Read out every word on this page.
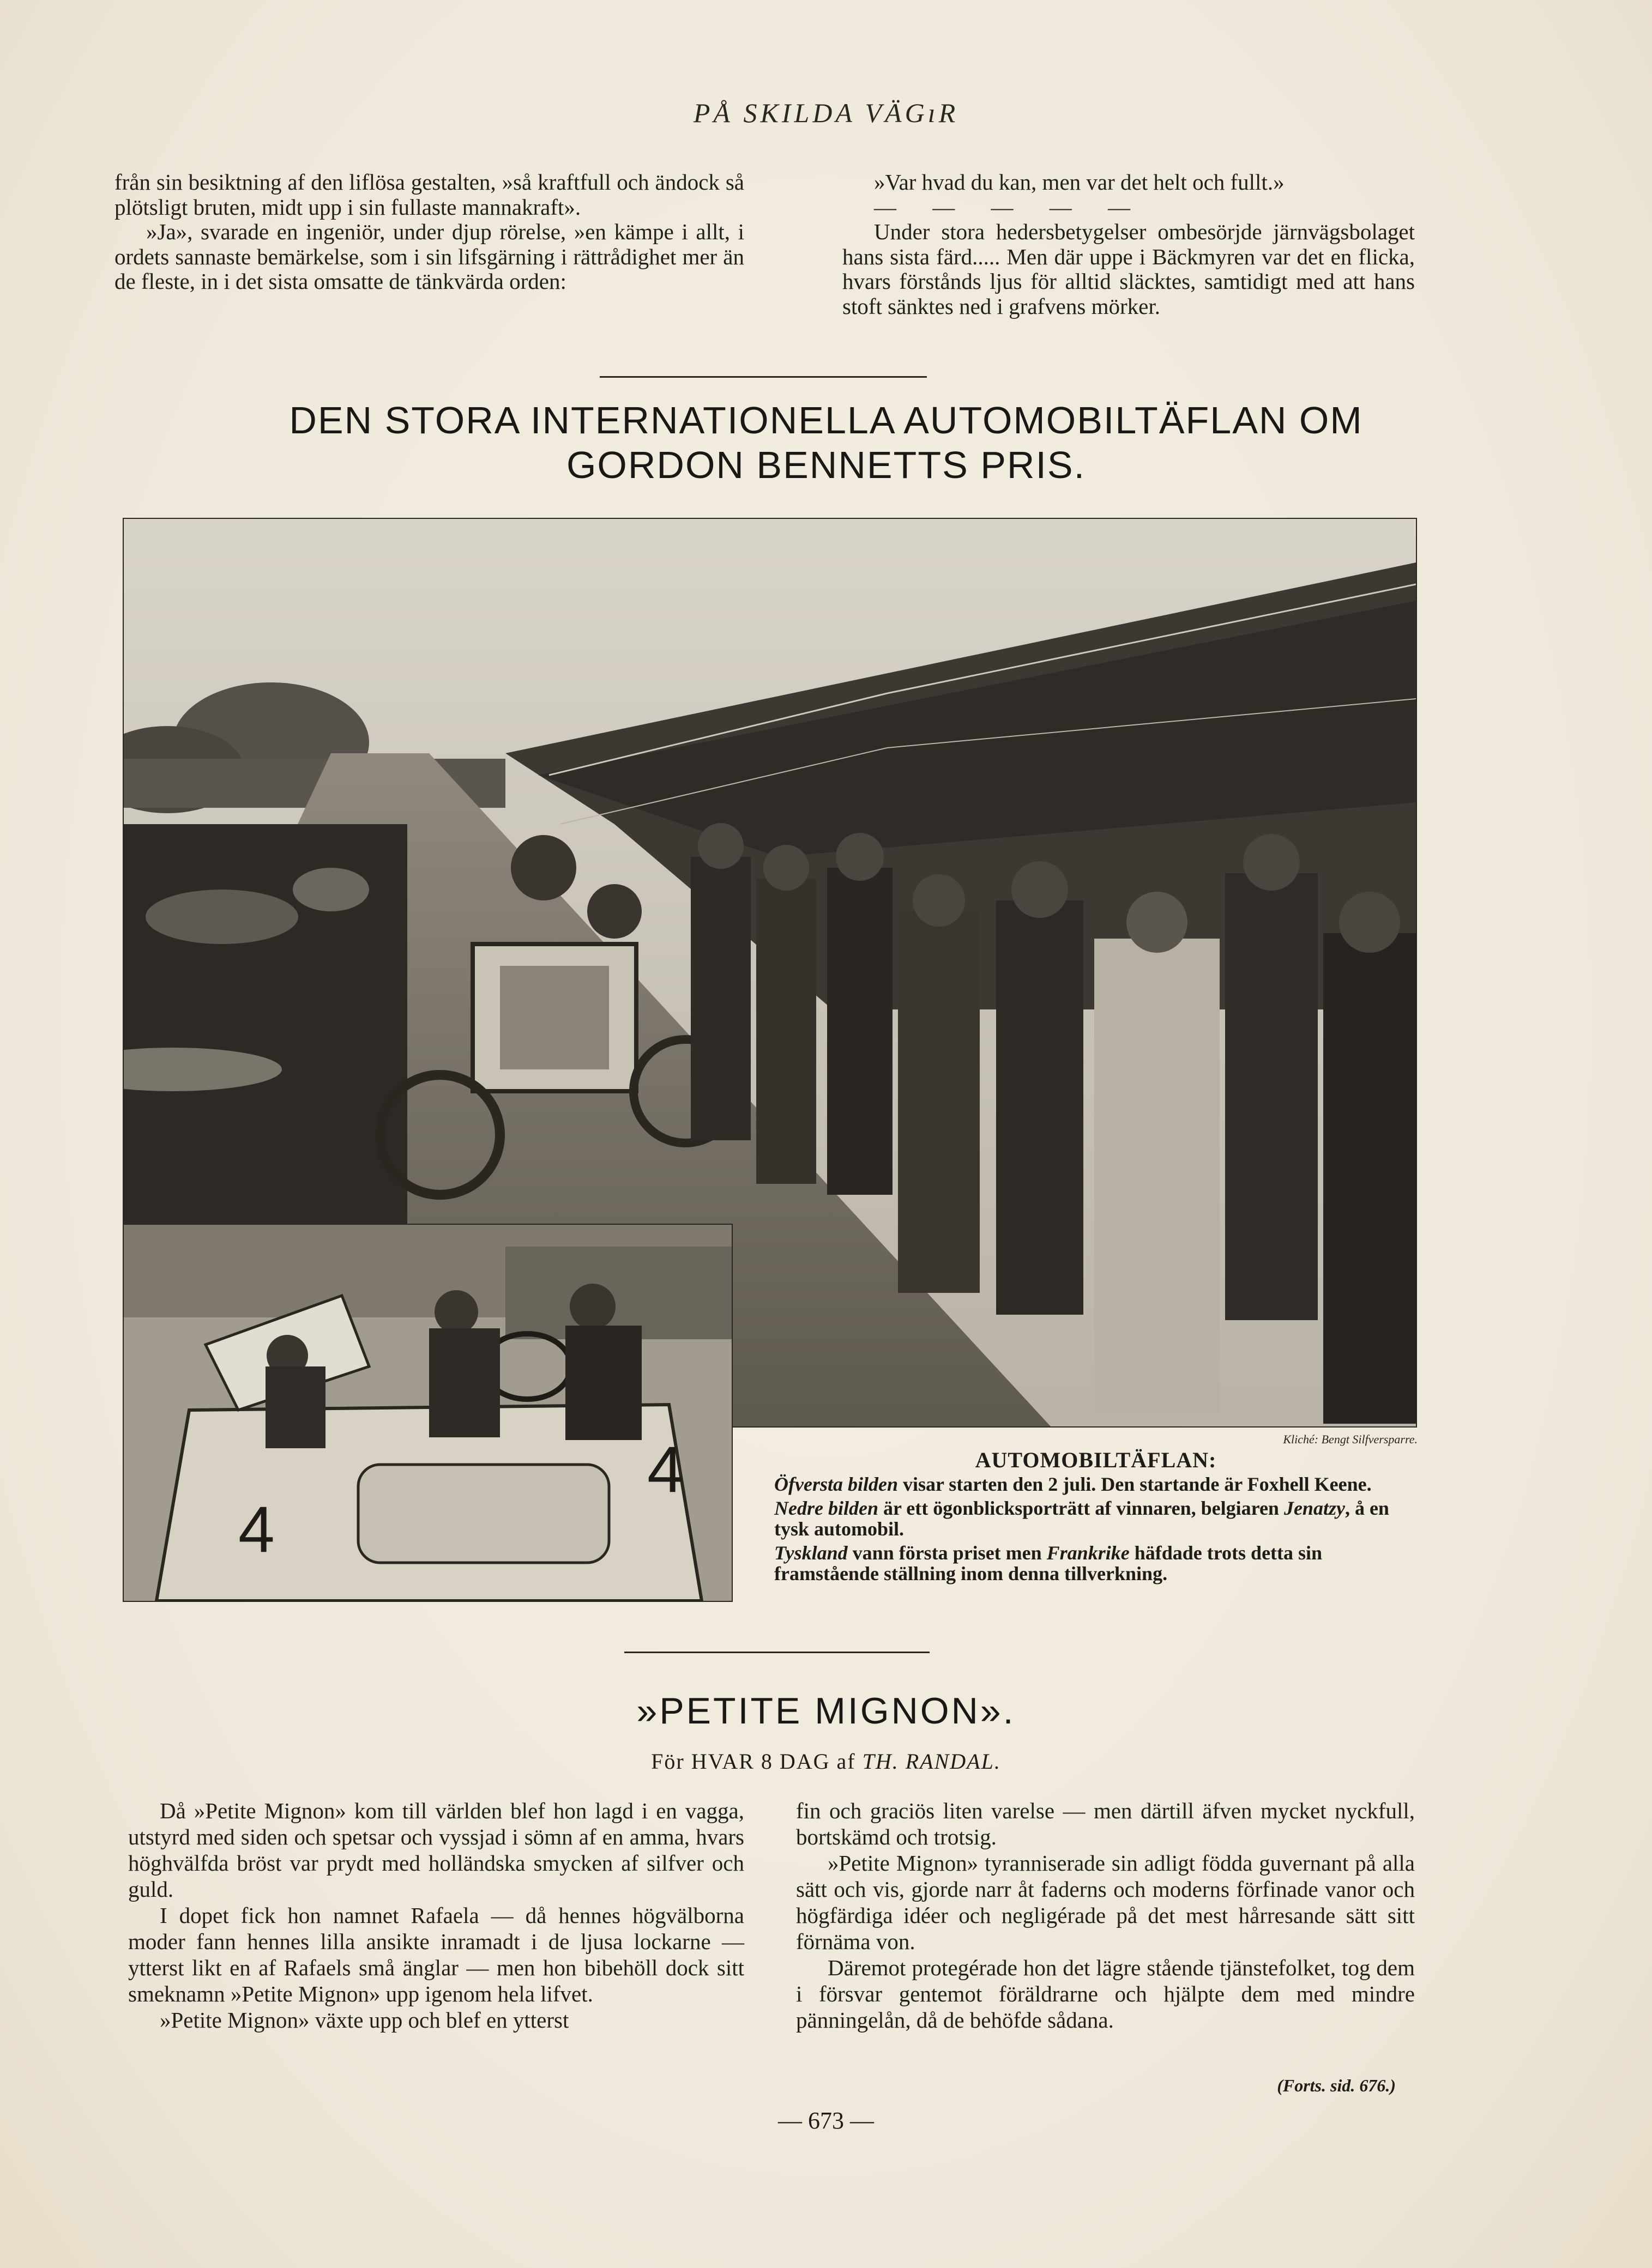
PÅ SKILDA VÄGıR

från sin besiktning af den liflösa gestalten, »så kraftfull och ändock så plötsligt bruten, midt upp i sin fullaste mannakraft».

»Ja», svarade en ingeniör, under djup rörelse, »en kämpe i allt, i ordets sannaste bemärkelse, som i sin lifsgärning i rättrådighet mer än de fleste, in i det sista omsatte de tänkvärda orden:

»Var hvad du kan, men var det helt och fullt.»

— — — — —

Under stora hedersbetygelser ombesörjde järnvägsbolaget hans sista färd..... Men där uppe i Bäckmyren var det en flicka, hvars förstånds ljus för alltid släcktes, samtidigt med att hans stoft sänktes ned i grafvens mörker.

DEN STORA INTERNATIONELLA AUTOMOBILTÄFLAN OM
GORDON BENNETTS PRIS.
4
4	Kliché: Bengt Silfversparre.

AUTOMOBILTÄFLAN:

Öfversta bilden visar starten den 2 juli. Den startande är Foxhell Keene.

Nedre bilden är ett ögonblicksporträtt af vinnaren, belgiaren Jenatzy, å en tysk automobil.

Tyskland vann första priset men Frankrike häfdade trots detta sin framstående ställning inom denna tillverkning.

»PETITE MIGNON».
För HVAR 8 DAG af TH. RANDAL.

Då »Petite Mignon» kom till världen blef hon lagd i en vagga, utstyrd med siden och spetsar och vyssjad i sömn af en amma, hvars höghvälfda bröst var prydt med holländska smycken af silfver och guld.

I dopet fick hon namnet Rafaela — då hennes högvälborna moder fann hennes lilla ansikte inramadt i de ljusa lockarne — ytterst likt en af Rafaels små änglar — men hon bibehöll dock sitt smeknamn »Petite Mignon» upp igenom hela lifvet.

»Petite Mignon» växte upp och blef en ytterst

fin och graciös liten varelse — men därtill äfven mycket nyckfull, bortskämd och trotsig.

»Petite Mignon» tyranniserade sin adligt födda guvernant på alla sätt och vis, gjorde narr åt faderns och moderns förfinade vanor och högfärdiga idéer och negligérade på det mest hårresande sätt sitt förnäma von.

Däremot protegérade hon det lägre stående tjänstefolket, tog dem i försvar gentemot föräldrarne och hjälpte dem med mindre pänningelån, då de behöfde sådana.

(Forts. sid. 676.)
— 673 —
